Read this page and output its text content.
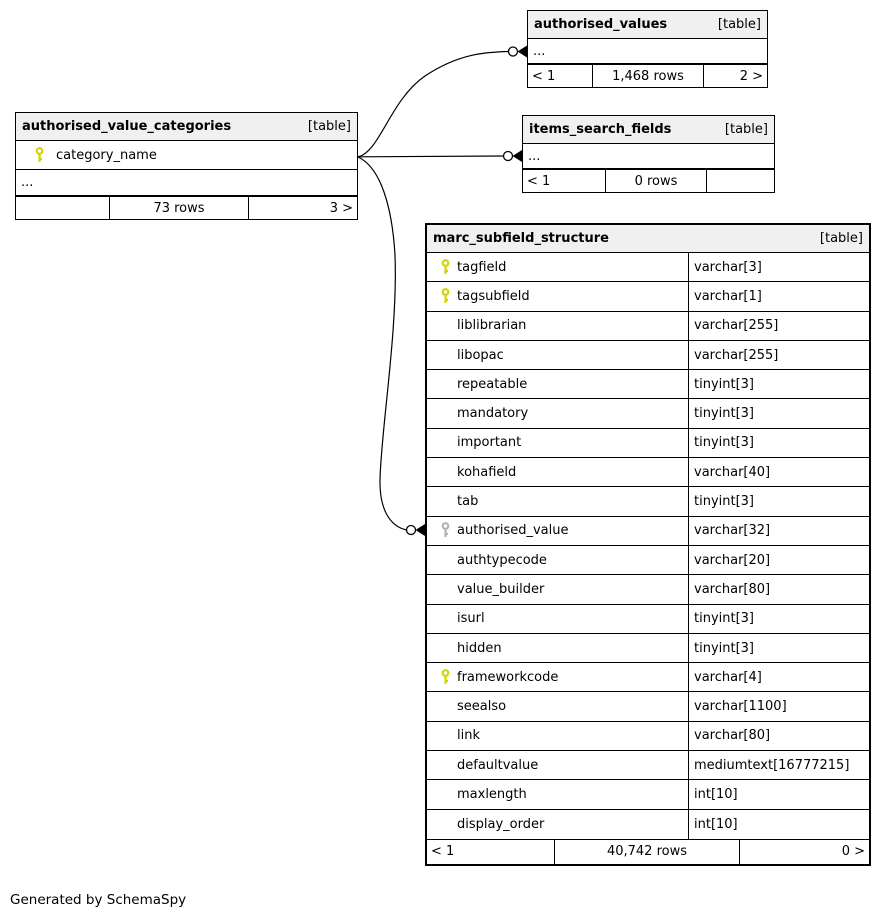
authorised_values	[table]
...
< 1	1,468 rows	2 >
authorised_value_categories	[table]
category_name
...
73 rows	3 >
items_search_fields	[table]
...
< 1	0 rows
marc_subfield_structure	[table]
tagfield	varchar[3]
tagsubfield	varchar[1]
liblibrarian	varchar[255]
libopac	varchar[255]
repeatable	tinyint[3]
mandatory	tinyint[3]
important	tinyint[3]
kohafield	varchar[40]
tab	tinyint[3]
authorised_value	varchar[32]
authtypecode	varchar[20]
value_builder	varchar[80]
isurl	tinyint[3]
hidden	tinyint[3]
frameworkcode	varchar[4]
seealso	varchar[1100]
link	varchar[80]
defaultvalue	mediumtext[16777215]
maxlength	int[10]
display_order	int[10]
< 1	40,742 rows	0 >
Generated by SchemaSpy
